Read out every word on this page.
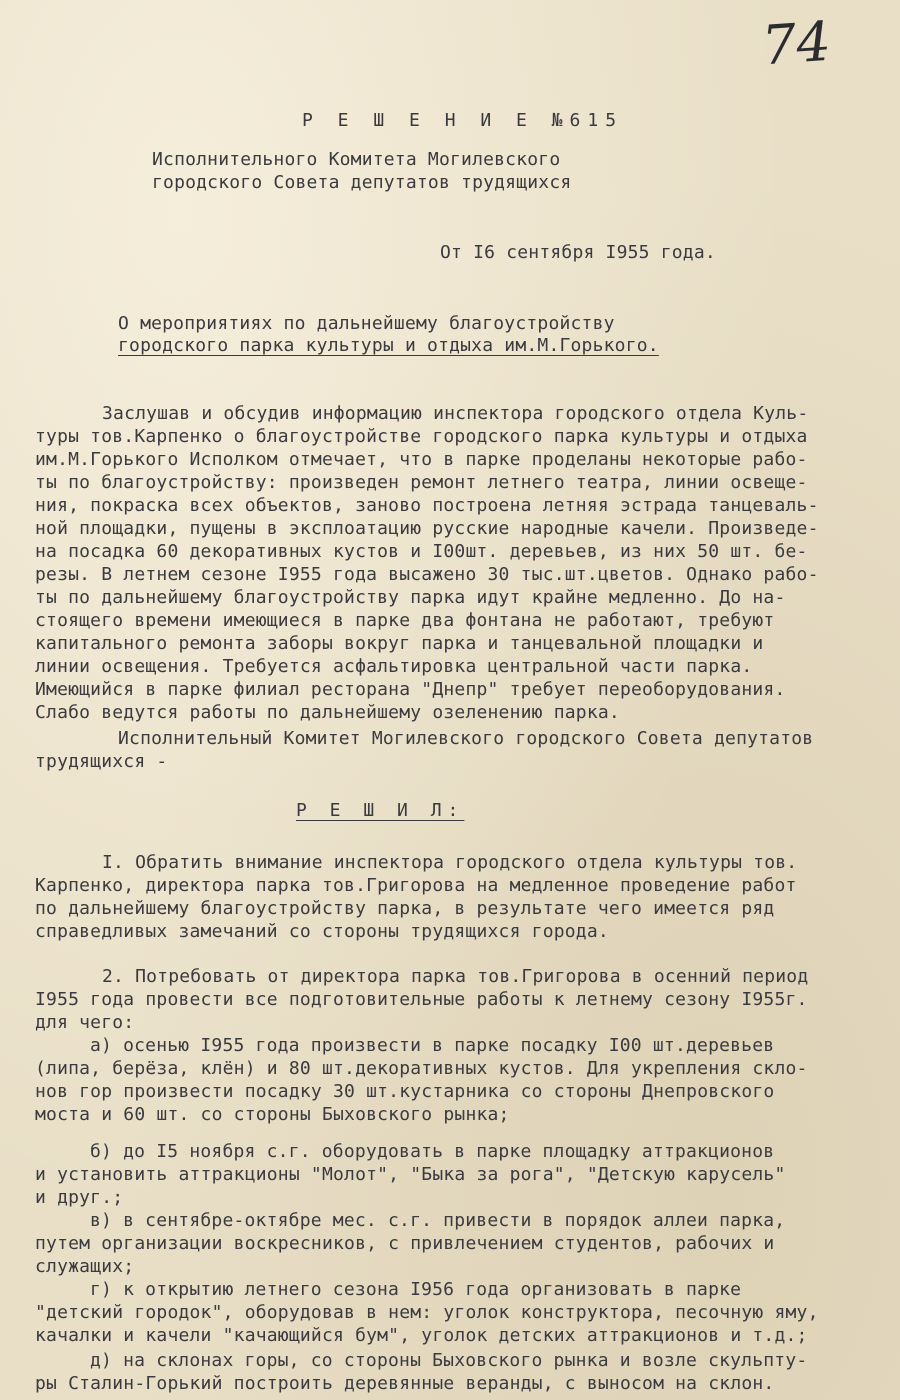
74
Р Е Ш Е Н И Е №615
Исполнительного Комитета Могилевского
городского Совета депутатов трудящихся
От I6 сентября I955 года.
О мероприятиях по дальнейшему благоустройству
городского парка культуры и отдыха им.М.Горького.
Заслушав и обсудив информацию инспектора городского отдела Куль-
туры тов.Карпенко о благоустройстве городского парка культуры и отдыха
им.М.Горького Исполком отмечает, что в парке проделаны некоторые рабо-
ты по благоустройству: произведен ремонт летнего театра, линии освеще-
ния, покраска всех объектов, заново построена летняя эстрада танцеваль-
ной площадки, пущены в эксплоатацию русские народные качели. Произведе-
на посадка 60 декоративных кустов и I00шт. деревьев, из них 50 шт. бе-
резы. В летнем сезоне I955 года высажено 30 тыс.шт.цветов. Однако рабо-
ты по дальнейшему благоустройству парка идут крайне медленно. До на-
стоящего времени имеющиеся в парке два фонтана не работают, требуют
капитального ремонта заборы вокруг парка и танцевальной площадки и
линии освещения. Требуется асфальтировка центральной части парка.
Имеющийся в парке филиал ресторана "Днепр" требует переоборудования.
Слабо ведутся работы по дальнейшему озеленению парка.
Исполнительный Комитет Могилевского городского Совета депутатов
трудящихся -
Р Е Ш И Л:
I. Обратить внимание инспектора городского отдела культуры тов.
Карпенко, директора парка тов.Григорова на медленное проведение работ
по дальнейшему благоустройству парка, в результате чего имеется ряд
справедливых замечаний со стороны трудящихся города.
2. Потребовать от директора парка тов.Григорова в осенний период
I955 года провести все подготовительные работы к летнему сезону I955г.
для чего:
а) осенью I955 года произвести в парке посадку I00 шт.деревьев
(липа, берёза, клён) и 80 шт.декоративных кустов. Для укрепления скло-
нов гор произвести посадку 30 шт.кустарника со стороны Днепровского
моста и 60 шт. со стороны Быховского рынка;
б) до I5 ноября с.г. оборудовать в парке площадку аттракционов
и установить аттракционы "Молот", "Быка за рога", "Детскую карусель"
и друг.;
в) в сентябре-октябре мес. с.г. привести в порядок аллеи парка,
путем организации воскресников, с привлечением студентов, рабочих и
служащих;
г) к открытию летнего сезона I956 года организовать в парке
"детский городок", оборудовав в нем: уголок конструктора, песочную яму,
качалки и качели "качающийся бум", уголок детских аттракционов и т.д.;
д) на склонах горы, со стороны Быховского рынка и возле скульпту-
ры Сталин-Горький построить деревянные веранды, с выносом на склон.
